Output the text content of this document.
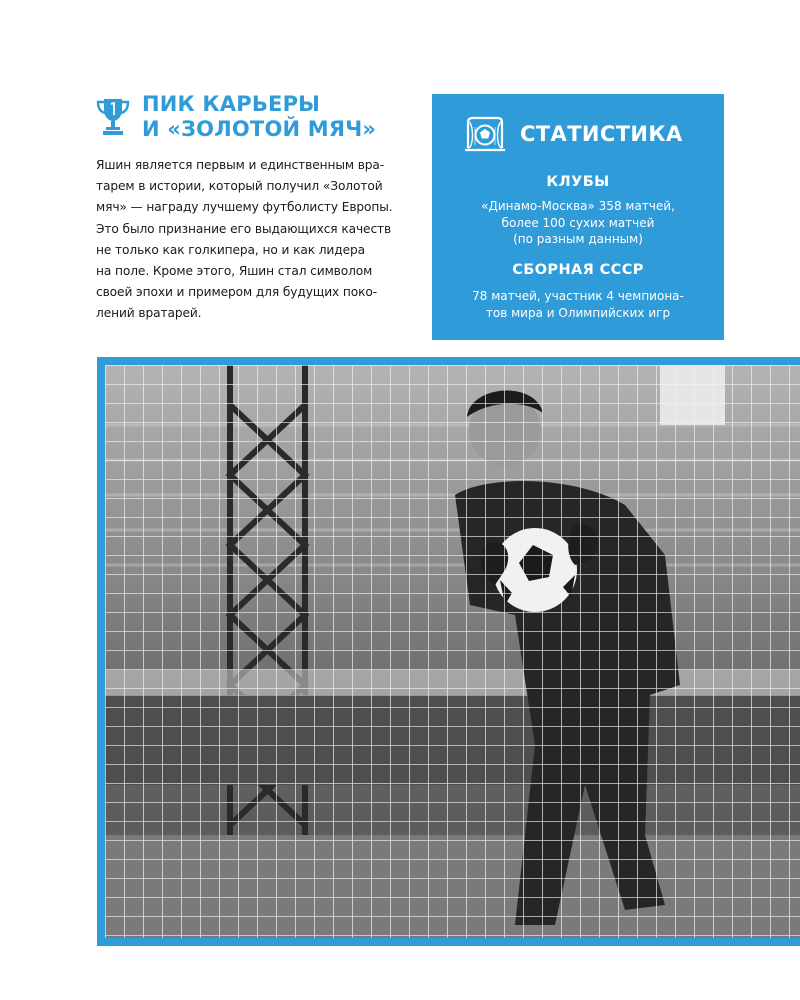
ПИК КАРЬЕРЫ
И «ЗОЛОТОЙ МЯЧ»

Яшин является первым и единственным вра-
тарем в истории, который получил «Золотой
мяч» — награду лучшему футболисту Европы.
Это было признание его выдающихся качеств
не только как голкипера, но и как лидера
на поле. Кроме этого, Яшин стал символом
своей эпохи и примером для будущих поко-
лений вратарей.

СТАТИСТИКА
КЛУБЫ
«Динамо-Москва» 358 матчей,
более 100 сухих матчей
(по разным данным)
СБОРНАЯ СССР
78 матчей, участник 4 чемпиона-
тов мира и Олимпийских игр
